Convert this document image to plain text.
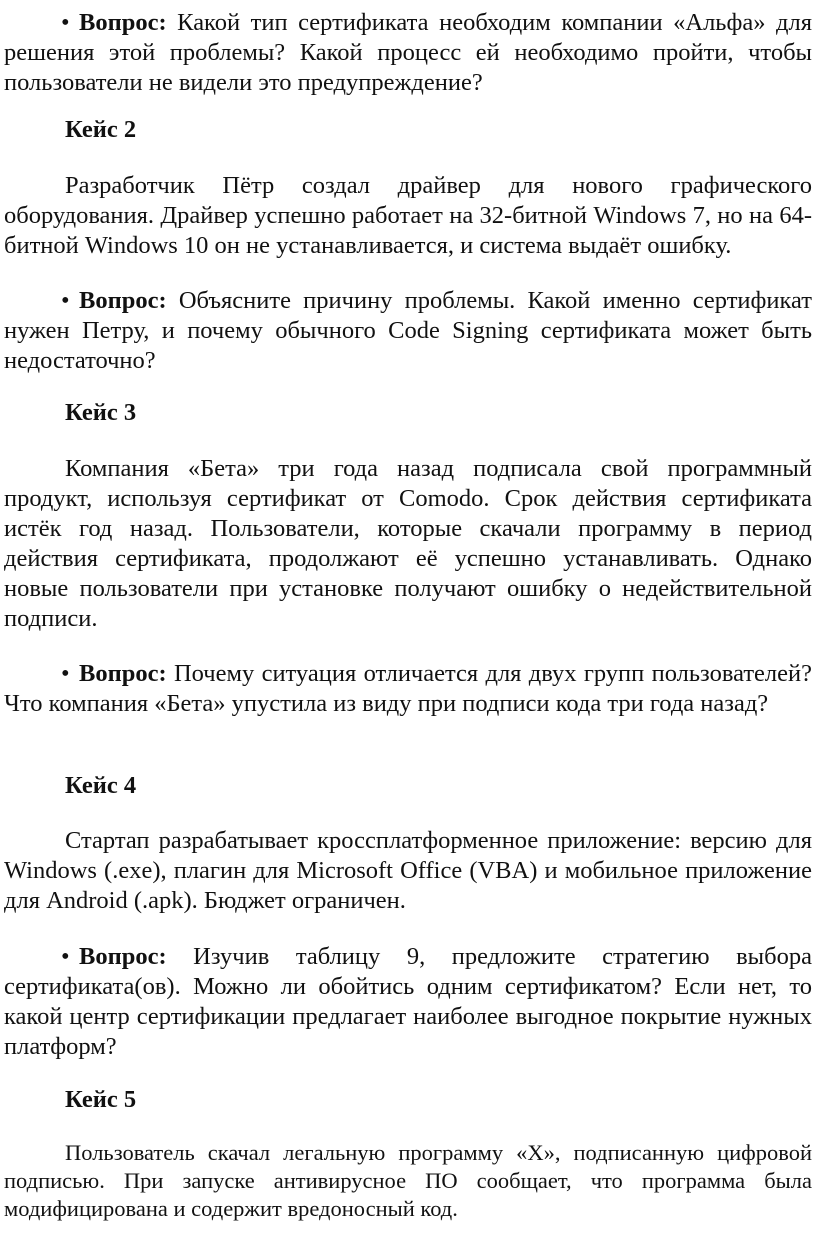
• Вопрос: Какой тип сертификата необходим компании «Альфа» для решения этой проблемы? Какой процесс ей необходимо пройти, чтобы пользователи не видели это предупреждение?

Кейс 2

Разработчик Пётр создал драйвер для нового графического оборудования. Драйвер успешно работает на 32-битной Windows 7, но на 64-битной Windows 10 он не устанавливается, и система выдаёт ошибку.

• Вопрос: Объясните причину проблемы. Какой именно сертификат нужен Петру, и почему обычного Code Signing сертификата может быть недостаточно?

Кейс 3

Компания «Бета» три года назад подписала свой программный продукт, используя сертификат от Comodo. Срок действия сертификата истёк год назад. Пользователи, которые скачали программу в период действия сертификата, продолжают её успешно устанавливать. Однако новые пользователи при установке получают ошибку о недействительной подписи.

• Вопрос: Почему ситуация отличается для двух групп пользователей? Что компания «Бета» упустила из виду при подписи кода три года назад?

Кейс 4

Стартап разрабатывает кроссплатформенное приложение: версию для Windows (.exe), плагин для Microsoft Office (VBA) и мобильное приложение для Android (.apk). Бюджет ограничен.

• Вопрос: Изучив таблицу 9, предложите стратегию выбора сертификата(ов). Можно ли обойтись одним сертификатом? Если нет, то какой центр сертификации предлагает наиболее выгодное покрытие нужных платформ?

Кейс 5

Пользователь скачал легальную программу «X», подписанную цифровой подписью. При запуске антивирусное ПО сообщает, что программа была модифицирована и содержит вредоносный код.
